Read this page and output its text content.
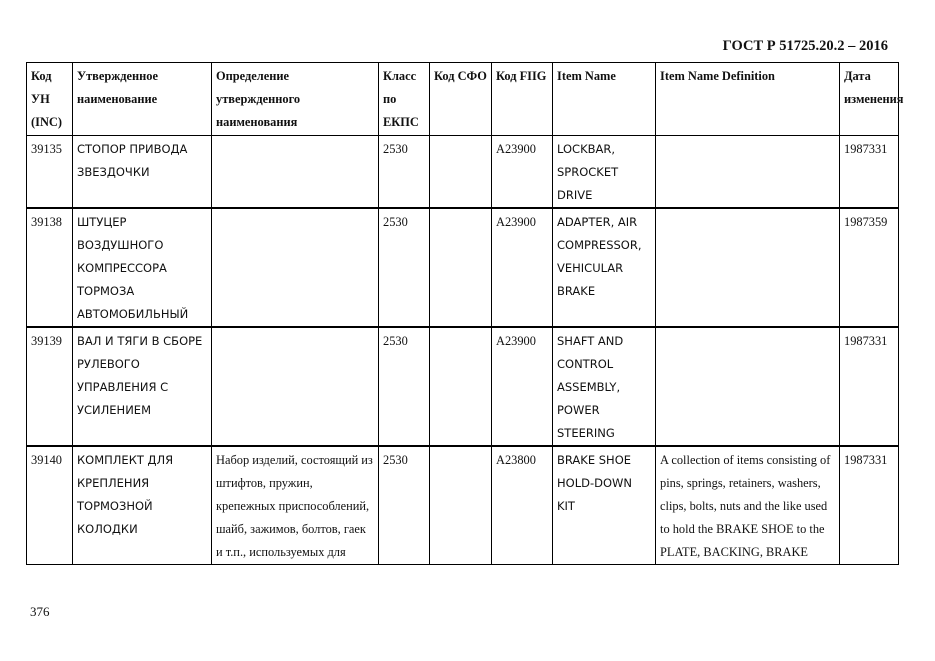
ГОСТ Р 51725.20.2 – 2016
Код УН (INC)	Утвержденное наименование	Определение утвержденного наименования	Класс по ЕКПС	Код СФО	Код FIIG	Item Name	Item Name Definition	Дата изменения
39135	СТОПОР ПРИВОДА ЗВЕЗДОЧКИ		2530		A23900	LOCKBAR, SPROCKET DRIVE		1987331
39138	ШТУЦЕР ВОЗДУШНОГО КОМПРЕССОРА ТОРМОЗА АВТОМОБИЛЬНЫЙ		2530		A23900	ADAPTER, AIR COMPRESSOR, VEHICULAR BRAKE		1987359
39139	ВАЛ И ТЯГИ В СБОРЕ РУЛЕВОГО УПРАВЛЕНИЯ С УСИЛЕНИЕМ		2530		A23900	SHAFT AND CONTROL ASSEMBLY, POWER STEERING		1987331
39140	КОМПЛЕКТ ДЛЯ КРЕПЛЕНИЯ ТОРМОЗНОЙ КОЛОДКИ	Набор изделий, состоящий из штифтов, пружин, крепежных приспособлений, шайб, зажимов, болтов, гаек и т.п., используемых для	2530		A23800	BRAKE SHOE HOLD-DOWN KIT	A collection of items consisting of pins, springs, retainers, washers, clips, bolts, nuts and the like used to hold the BRAKE SHOE to the PLATE, BACKING, BRAKE	1987331
376
